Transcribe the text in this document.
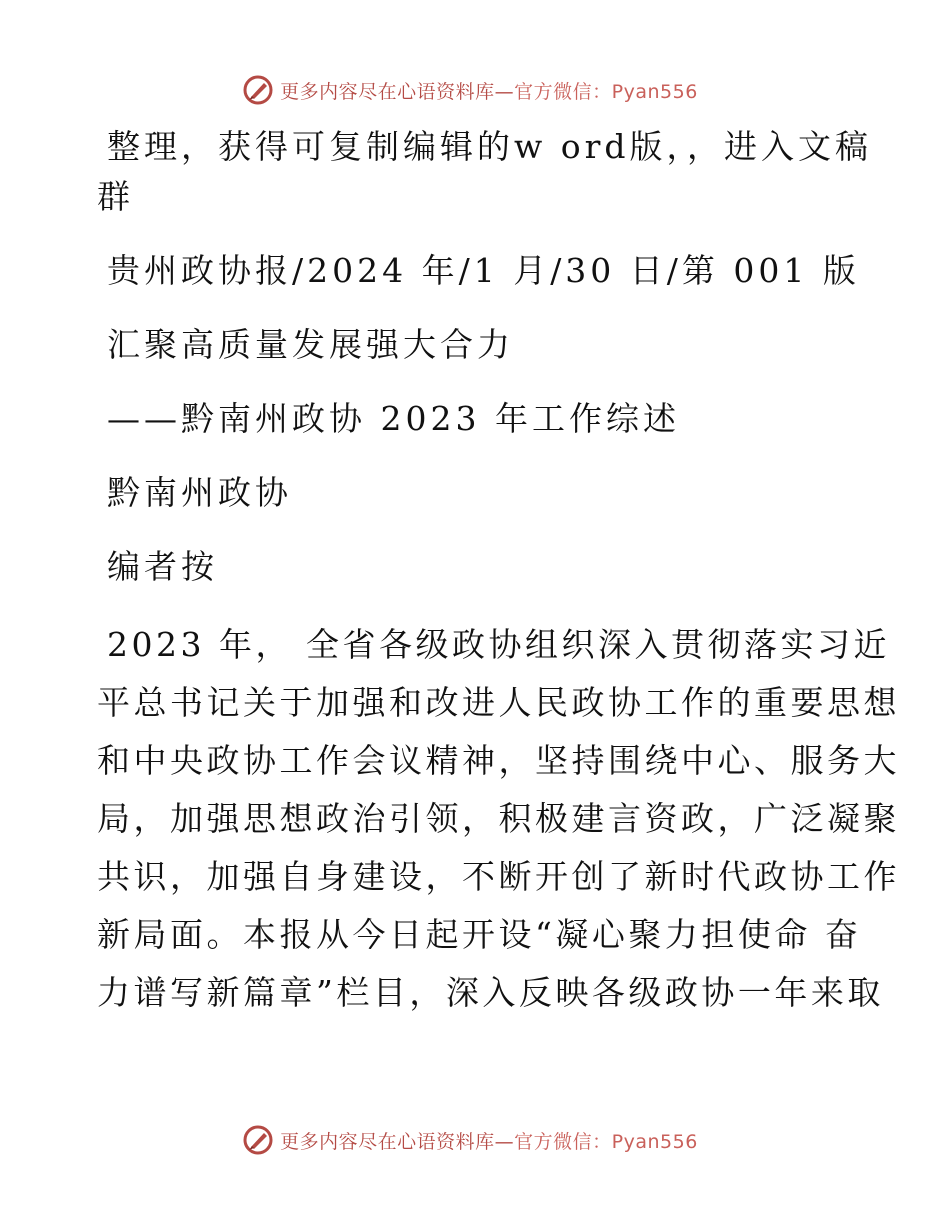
更多内容尽在心语资料库—官方微信：Pyan556

整理，获得可复制编辑的w ord版，，进入文稿

群

贵州政协报/2024 年/1 月/30 日/第 001 版

汇聚高质量发展强大合力

——黔南州政协 2023 年工作综述

黔南州政协

编者按

2023 年， 全省各级政协组织深入贯彻落实习近

平总书记关于加强和改进人民政协工作的重要思想

和中央政协工作会议精神，坚持围绕中心、服务大

局，加强思想政治引领，积极建言资政，广泛凝聚

共识，加强自身建设，不断开创了新时代政协工作

新局面。本报从今日起开设“凝心聚力担使命 奋

力谱写新篇章”栏目，深入反映各级政协一年来取

更多内容尽在心语资料库—官方微信：Pyan556
